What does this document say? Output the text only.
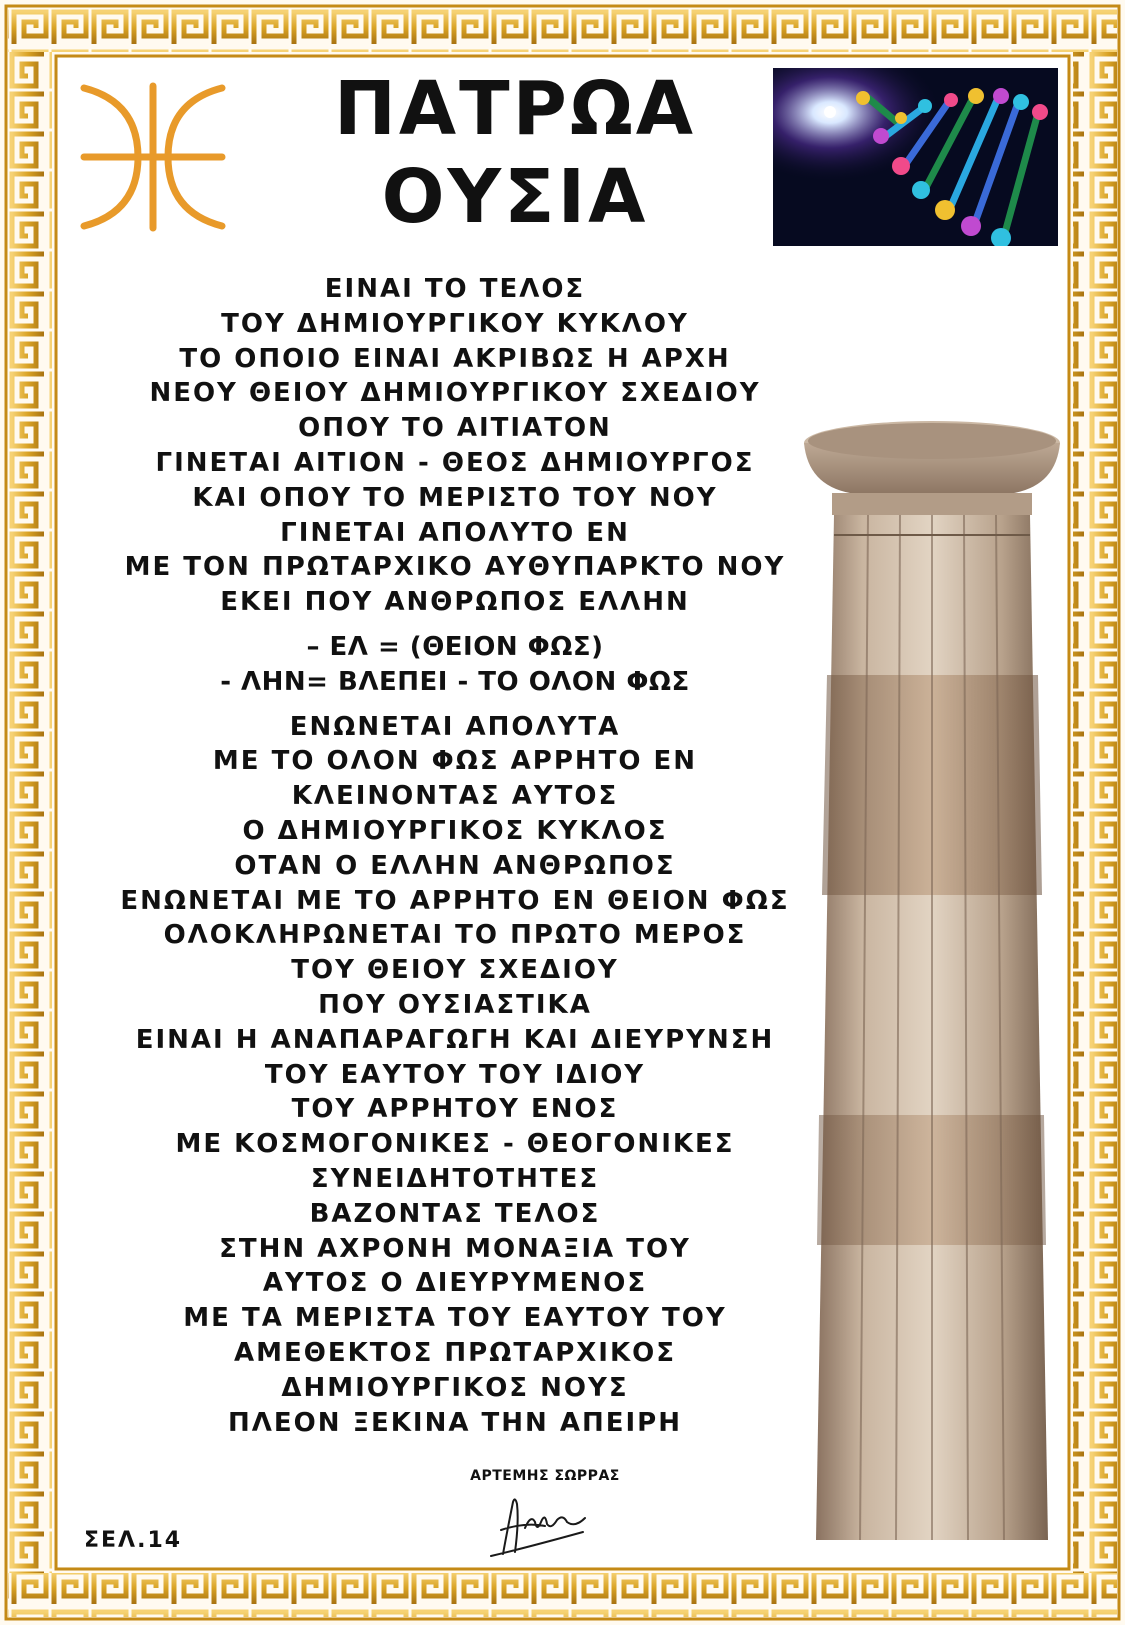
ΠΑΤΡΩΑ
ΟΥΣΙΑ
ΕΙΝΑΙ ΤΟ ΤΕΛΟΣ
ΤΟΥ ΔΗΜΙΟΥΡΓΙΚΟΥ ΚΥΚΛΟΥ
ΤΟ ΟΠΟΙΟ ΕΙΝΑΙ ΑΚΡΙΒΩΣ Η ΑΡΧΗ
ΝΕΟΥ ΘΕΙΟΥ ΔΗΜΙΟΥΡΓΙΚΟΥ ΣΧΕΔΙΟΥ
ΟΠΟΥ ΤΟ ΑΙΤΙΑΤΟΝ
ΓΙΝΕΤΑΙ ΑΙΤΙΟΝ - ΘΕΟΣ ΔΗΜΙΟΥΡΓΟΣ
ΚΑΙ ΟΠΟΥ ΤΟ ΜΕΡΙΣΤΟ ΤΟΥ ΝΟΥ
ΓΙΝΕΤΑΙ ΑΠΟΛΥΤΟ ΕΝ
ΜΕ ΤΟΝ ΠΡΩΤΑΡΧΙΚΟ ΑΥΘΥΠΑΡΚΤΟ ΝΟΥ
ΕΚΕΙ ΠΟΥ ΑΝΘΡΩΠΟΣ ΕΛΛΗΝ
– ΕΛ = (ΘΕΙΟΝ ΦΩΣ)
- ΛΗΝ= ΒΛΕΠΕΙ - ΤΟ ΟΛΟΝ ΦΩΣ
ΕΝΩΝΕΤΑΙ ΑΠΟΛΥΤΑ
ΜΕ ΤΟ ΟΛΟΝ ΦΩΣ ΑΡΡΗΤΟ ΕΝ
ΚΛΕΙΝΟΝΤΑΣ ΑΥΤΟΣ
Ο ΔΗΜΙΟΥΡΓΙΚΟΣ ΚΥΚΛΟΣ
ΟΤΑΝ Ο ΕΛΛΗΝ ΑΝΘΡΩΠΟΣ
ΕΝΩΝΕΤΑΙ ΜΕ ΤΟ ΑΡΡΗΤΟ ΕΝ ΘΕΙΟΝ ΦΩΣ
ΟΛΟΚΛΗΡΩΝΕΤΑΙ ΤΟ ΠΡΩΤΟ ΜΕΡΟΣ
ΤΟΥ ΘΕΙΟΥ ΣΧΕΔΙΟΥ
ΠΟΥ ΟΥΣΙΑΣΤΙΚΑ
ΕΙΝΑΙ Η ΑΝΑΠΑΡΑΓΩΓΗ ΚΑΙ ΔΙΕΥΡΥΝΣΗ
ΤΟΥ ΕΑΥΤΟΥ ΤΟΥ ΙΔΙΟΥ
ΤΟΥ ΑΡΡΗΤΟΥ ΕΝΟΣ
ΜΕ ΚΟΣΜΟΓΟΝΙΚΕΣ - ΘΕΟΓΟΝΙΚΕΣ
ΣΥΝΕΙΔΗΤΟΤΗΤΕΣ
ΒΑΖΟΝΤΑΣ ΤΕΛΟΣ
ΣΤΗΝ ΑΧΡΟΝΗ ΜΟΝΑΞΙΑ ΤΟΥ
ΑΥΤΟΣ Ο ΔΙΕΥΡΥΜΕΝΟΣ
ΜΕ ΤΑ ΜΕΡΙΣΤΑ ΤΟΥ ΕΑΥΤΟΥ ΤΟΥ
ΑΜΕΘΕΚΤΟΣ ΠΡΩΤΑΡΧΙΚΟΣ
ΔΗΜΙΟΥΡΓΙΚΟΣ ΝΟΥΣ
ΠΛΕΟΝ ΞΕΚΙΝΑ ΤΗΝ ΑΠΕΙΡΗ
ΑΡΤΕΜΗΣ ΣΩΡΡΑΣ
ΣΕΛ.14
